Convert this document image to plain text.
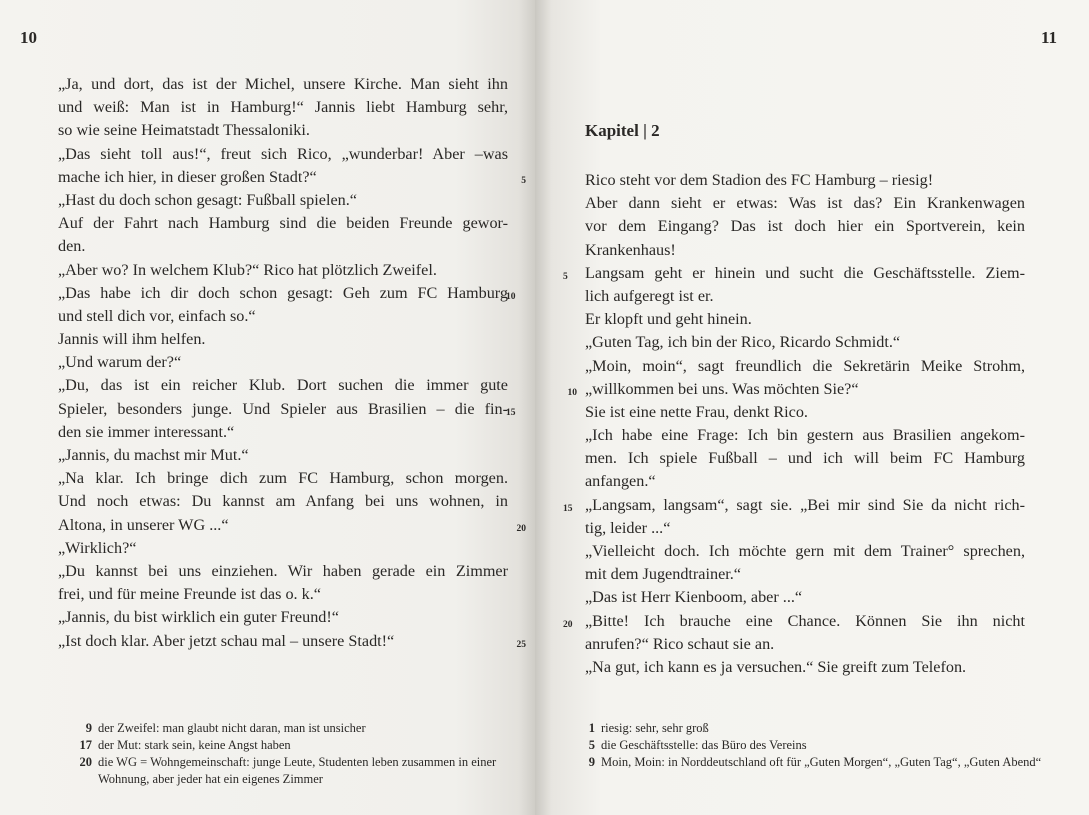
10
„Ja, und dort, das ist der Michel, unsere Kirche. Man sieht ihn
und weiß: Man ist in Hamburg!“ Jannis liebt Hamburg sehr,
so wie seine Heimatstadt Thessaloniki.
„Das sieht toll aus!“, freut sich Rico, „wunderbar! Aber –was
mache ich hier, in dieser großen Stadt?“	5
„Hast du doch schon gesagt: Fußball spielen.“
Auf der Fahrt nach Hamburg sind die beiden Freunde gewor-
den.
„Aber wo? In welchem Klub?“ Rico hat plötzlich Zweifel.
„Das habe ich dir doch schon gesagt: Geh zum FC Hamburg
10
und stell dich vor, einfach so.“
Jannis will ihm helfen.
„Und warum der?“
„Du, das ist ein reicher Klub. Dort suchen die immer gute
Spieler, besonders junge. Und Spieler aus Brasilien – die fin-
15
den sie immer interessant.“
„Jannis, du machst mir Mut.“
„Na klar. Ich bringe dich zum FC Hamburg, schon morgen.
Und noch etwas: Du kannst am Anfang bei uns wohnen, in
Altona, in unserer WG ...“	20
„Wirklich?“
„Du kannst bei uns einziehen. Wir haben gerade ein Zimmer
frei, und für meine Freunde ist das o. k.“
„Jannis, du bist wirklich ein guter Freund!“
„Ist doch klar. Aber jetzt schau mal – unsere Stadt!“	25
9 der Zweifel: man glaubt nicht daran, man ist unsicher
17 der Mut: stark sein, keine Angst haben
20 die WG = Wohngemeinschaft: junge Leute, Studenten leben zusammen in einer Wohnung, aber jeder hat ein eigenes Zimmer
11
Kapitel | 2
Rico steht vor dem Stadion des FC Hamburg – riesig!
Aber dann sieht er etwas: Was ist das? Ein Krankenwagen
vor dem Eingang? Das ist doch hier ein Sportverein, kein
Krankenhaus!
Langsam geht er hinein und sucht die Geschäftsstelle. Ziem-
5
lich aufgeregt ist er.
Er klopft und geht hinein.
„Guten Tag, ich bin der Rico, Ricardo Schmidt.“
„Moin, moin“, sagt freundlich die Sekretärin Meike Strohm,
„willkommen bei uns. Was möchten Sie?“
10
Sie ist eine nette Frau, denkt Rico.
„Ich habe eine Frage: Ich bin gestern aus Brasilien angekom-
men. Ich spiele Fußball – und ich will beim FC Hamburg
anfangen.“
„Langsam, langsam“, sagt sie. „Bei mir sind Sie da nicht rich-
15
tig, leider ...“
„Vielleicht doch. Ich möchte gern mit dem Trainer° sprechen,
mit dem Jugendtrainer.“
„Das ist Herr Kienboom, aber ...“
„Bitte! Ich brauche eine Chance. Können Sie ihn nicht
20
anrufen?“ Rico schaut sie an.
„Na gut, ich kann es ja versuchen.“ Sie greift zum Telefon.
1 riesig: sehr, sehr groß
5 die Geschäftsstelle: das Büro des Vereins
9 Moin, Moin: in Norddeutschland oft für „Guten Morgen“, „Guten Tag“, „Guten Abend“
